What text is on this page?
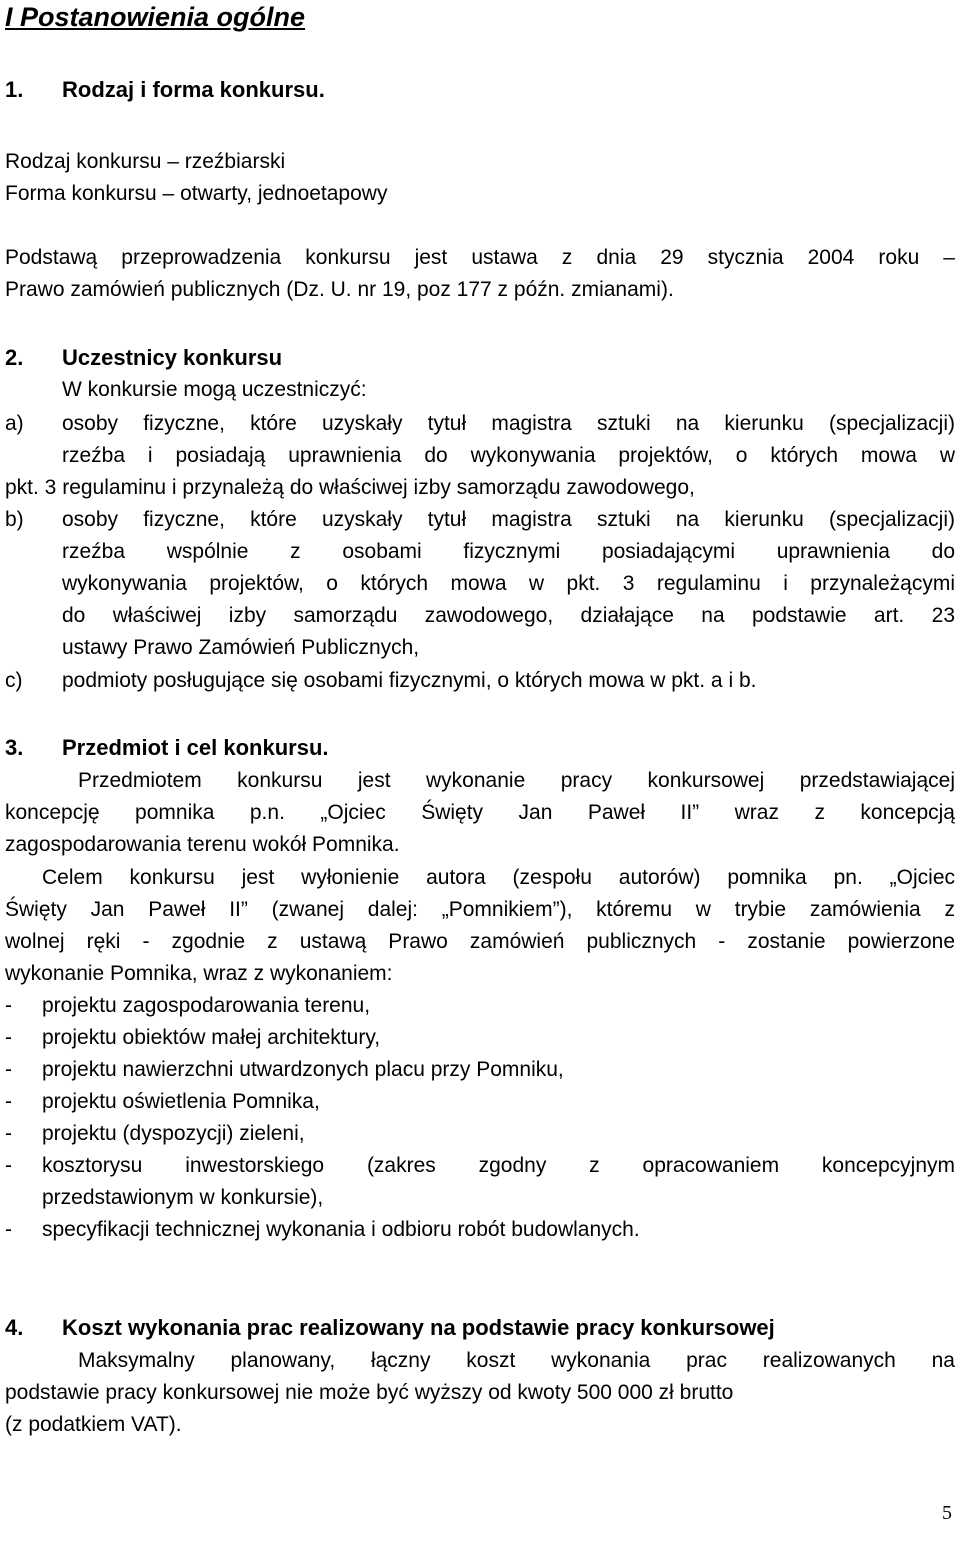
I Postanowienia ogólne
1. Rodzaj i forma konkursu.
Rodzaj konkursu – rzeźbiarski
Forma konkursu – otwarty, jednoetapowy
Podstawą przeprowadzenia konkursu jest ustawa z dnia 29 stycznia 2004 roku –
Prawo zamówień publicznych (Dz. U. nr 19, poz 177 z późn. zmianami).
2. Uczestnicy konkursu
W konkursie mogą uczestniczyć:
a) osoby fizyczne, które uzyskały tytuł magistra sztuki na kierunku (specjalizacji)
rzeźba i posiadają uprawnienia do wykonywania projektów, o których mowa w
pkt. 3 regulaminu i przynależą do właściwej izby samorządu zawodowego,
b) osoby fizyczne, które uzyskały tytuł magistra sztuki na kierunku (specjalizacji)
rzeźba wspólnie z osobami fizycznymi posiadającymi uprawnienia do
wykonywania projektów, o których mowa w pkt. 3 regulaminu i przynależącymi
do właściwej izby samorządu zawodowego, działające na podstawie art. 23
ustawy Prawo Zamówień Publicznych,
c) podmioty posługujące się osobami fizycznymi, o których mowa w pkt. a i b.
3. Przedmiot i cel konkursu.
Przedmiotem konkursu jest wykonanie pracy konkursowej przedstawiającej
koncepcję pomnika p.n. „Ojciec Święty Jan Paweł II” wraz z koncepcją
zagospodarowania terenu wokół Pomnika.
Celem konkursu jest wyłonienie autora (zespołu autorów) pomnika pn. „Ojciec
Święty Jan Paweł II” (zwanej dalej: „Pomnikiem”), któremu w trybie zamówienia z
wolnej ręki - zgodnie z ustawą Prawo zamówień publicznych - zostanie powierzone
wykonanie Pomnika, wraz z wykonaniem:
- projektu zagospodarowania terenu,
- projektu obiektów małej architektury,
- projektu nawierzchni utwardzonych placu przy Pomniku,
- projektu oświetlenia Pomnika,
- projektu (dyspozycji) zieleni,
- kosztorysu inwestorskiego (zakres zgodny z opracowaniem koncepcyjnym
przedstawionym w konkursie),
- specyfikacji technicznej wykonania i odbioru robót budowlanych.
4. Koszt wykonania prac realizowany na podstawie pracy konkursowej
Maksymalny planowany, łączny koszt wykonania prac realizowanych na
podstawie pracy konkursowej nie może być wyższy od kwoty 500 000 zł brutto
(z podatkiem VAT).
5
